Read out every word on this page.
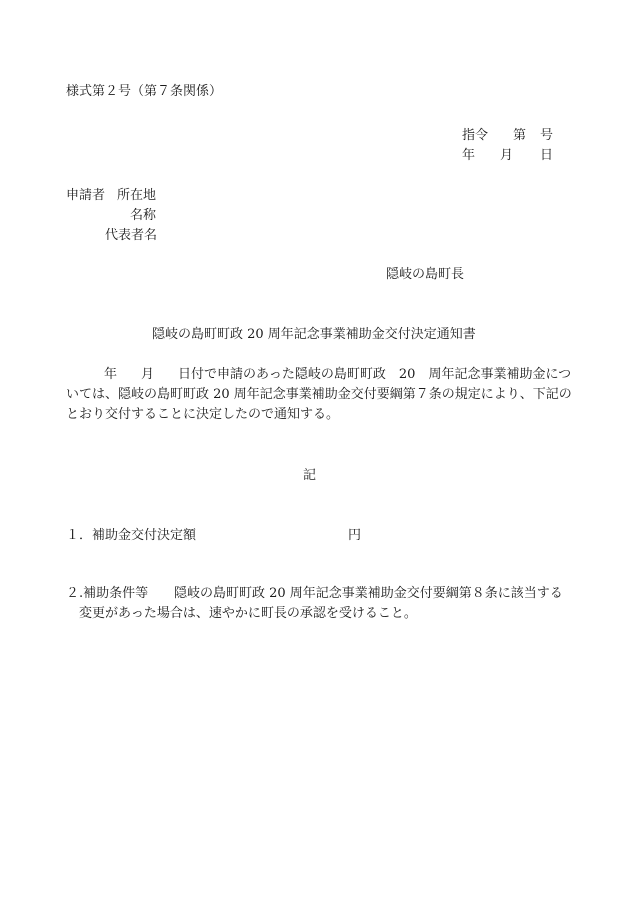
様式第２号（第７条関係）
指令 第 号
年 月 日
申請者 所在地
名称
代表者名
隠岐の島町長
隠岐の島町町政 20 周年記念事業補助金交付決定通知書
年 月 日付で申請のあった隠岐の島町町政　20　周年記念事業補助金につ
いては、隠岐の島町町政 20 周年記念事業補助金交付要綱第７条の規定により、下記の
とおり交付することに決定したので通知する。
記
１．補助金交付決定額	円
２.補助条件等 隠岐の島町町政 20 周年記念事業補助金交付要綱第８条に該当する
変更があった場合は、速やかに町長の承認を受けること。
